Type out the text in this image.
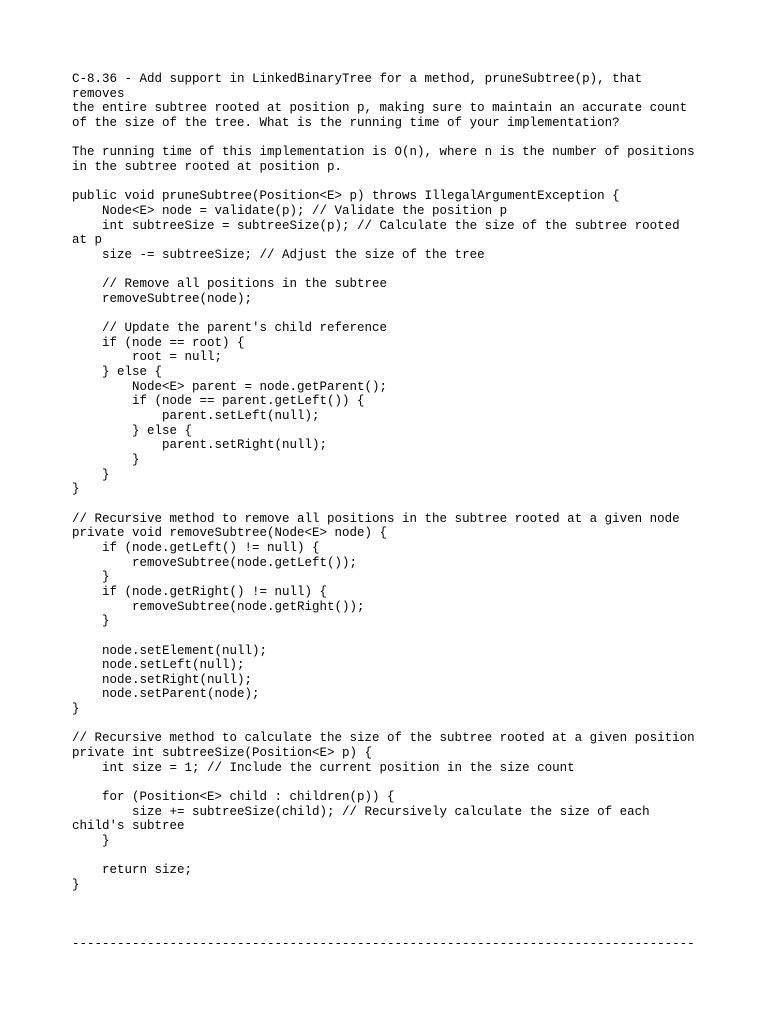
C-8.36 - Add support in LinkedBinaryTree for a method, pruneSubtree(p), that
removes
the entire subtree rooted at position p, making sure to maintain an accurate count
of the size of the tree. What is the running time of your implementation?
The running time of this implementation is O(n), where n is the number of positions
in the subtree rooted at position p.
public void pruneSubtree(Position<E> p) throws IllegalArgumentException {
Node<E> node = validate(p); // Validate the position p
int subtreeSize = subtreeSize(p); // Calculate the size of the subtree rooted
at p
size -= subtreeSize; // Adjust the size of the tree
// Remove all positions in the subtree
removeSubtree(node);
// Update the parent's child reference
if (node == root) {
root = null;
} else {
Node<E> parent = node.getParent();
if (node == parent.getLeft()) {
parent.setLeft(null);
} else {
parent.setRight(null);
}
}
}
// Recursive method to remove all positions in the subtree rooted at a given node
private void removeSubtree(Node<E> node) {
if (node.getLeft() != null) {
removeSubtree(node.getLeft());
}
if (node.getRight() != null) {
removeSubtree(node.getRight());
}
node.setElement(null);
node.setLeft(null);
node.setRight(null);
node.setParent(node);
}
// Recursive method to calculate the size of the subtree rooted at a given position
private int subtreeSize(Position<E> p) {
int size = 1; // Include the current position in the size count
for (Position<E> child : children(p)) {
size += subtreeSize(child); // Recursively calculate the size of each
child's subtree
}
return size;
}
-----------------------------------------------------------------------------------
